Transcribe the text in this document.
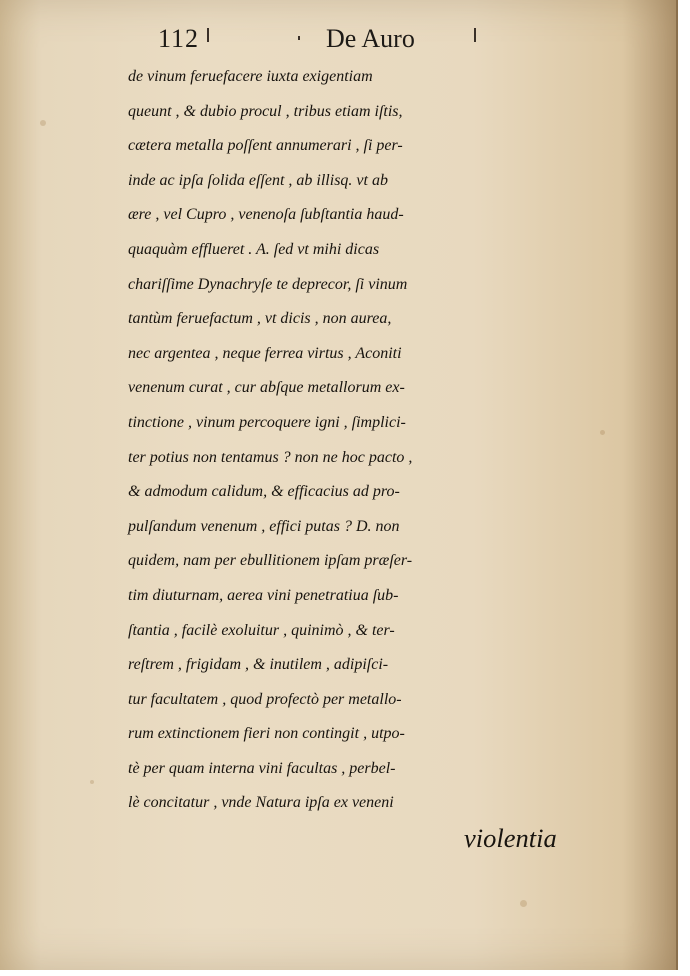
112	De Auro
de vinum feruefacere iuxta exigentiam
queunt , & dubio procul , tribus etiam iſtis,
cætera metalla poſſent annumerari , ſi per-
inde ac ipſa ſolida eſſent , ab illisq. vt ab
ære , vel Cupro , venenoſa ſubſtantia haud-
quaquàm efflueret . A. ſed vt mihi dicas
chariſſime Dynachryſe te deprecor, ſi vinum
tantùm feruefactum , vt dicis , non aurea,
nec argentea , neque ferrea virtus , Aconiti
venenum curat , cur abſque metallorum ex-
tinctione , vinum percoquere igni , ſimplici-
ter potius non tentamus ? non ne hoc pacto ,
& admodum calidum, & efficacius ad pro-
pulſandum venenum , effici putas ? D. non
quidem, nam per ebullitionem ipſam præſer-
tim diuturnam, aerea vini penetratiua ſub-
ſtantia , facilè exoluitur , quinimò , & ter-
reſtrem , frigidam , & inutilem , adipiſci-
tur facultatem , quod profectò per metallo-
rum extinctionem fieri non contingit , utpo-
tè per quam interna vini facultas , perbel-
lè concitatur , vnde Natura ipſa ex veneni
violentia
